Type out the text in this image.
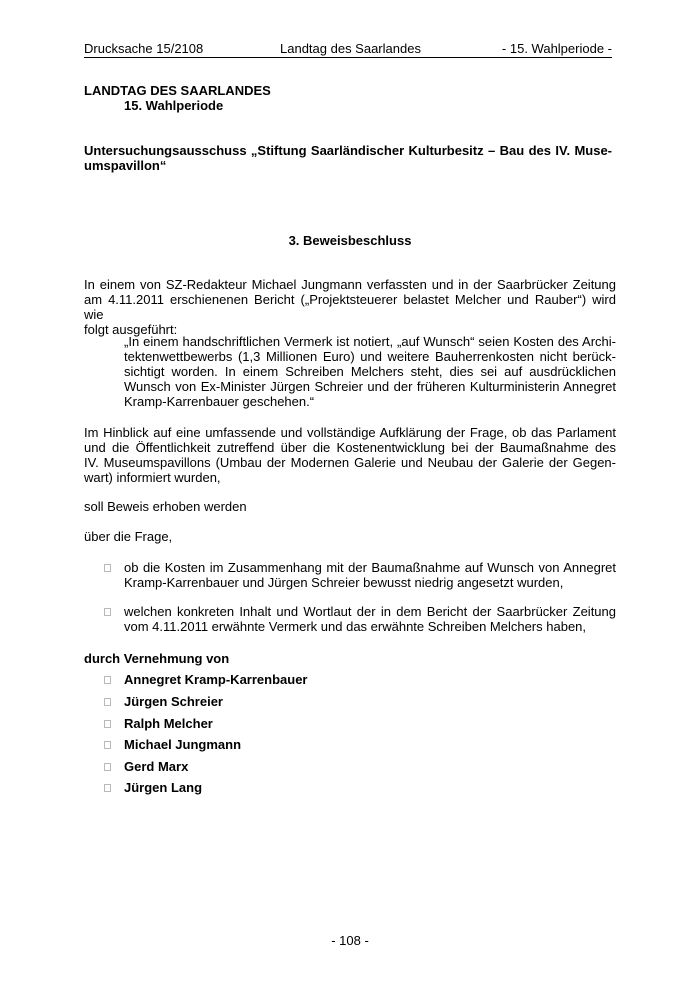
Drucksache 15/2108	Landtag des Saarlandes	- 15. Wahlperiode -
LANDTAG DES SAARLANDES
15. Wahlperiode
Untersuchungsausschuss „Stiftung Saarländischer Kulturbesitz – Bau des IV. Muse-
umspavillon“
3. Beweisbeschluss
In einem von SZ-Redakteur Michael Jungmann verfassten und in der Saarbrücker Zeitung
am 4.11.2011 erschienenen Bericht („Projektsteuerer belastet Melcher und Rauber“) wird wie
folgt ausgeführt:
„In einem handschriftlichen Vermerk ist notiert, „auf Wunsch“ seien Kosten des Archi-
tektenwettbewerbs (1,3 Millionen Euro) und weitere Bauherrenkosten nicht berück-
sichtigt worden. In einem Schreiben Melchers steht, dies sei auf ausdrücklichen
Wunsch von Ex-Minister Jürgen Schreier und der früheren Kulturministerin Annegret
Kramp-Karrenbauer geschehen.“
Im Hinblick auf eine umfassende und vollständige Aufklärung der Frage, ob das Parlament
und die Öffentlichkeit zutreffend über die Kostenentwicklung bei der Baumaßnahme des
IV. Museumspavillons (Umbau der Modernen Galerie und Neubau der Galerie der Gegen-
wart) informiert wurden,
soll Beweis erhoben werden
über die Frage,
ob die Kosten im Zusammenhang mit der Baumaßnahme auf Wunsch von Annegret
Kramp-Karrenbauer und Jürgen Schreier bewusst niedrig angesetzt wurden,
welchen konkreten Inhalt und Wortlaut der in dem Bericht der Saarbrücker Zeitung
vom 4.11.2011 erwähnte Vermerk und das erwähnte Schreiben Melchers haben,
durch Vernehmung von
Annegret Kramp-Karrenbauer
Jürgen Schreier
Ralph Melcher
Michael Jungmann
Gerd Marx
Jürgen Lang
- 108 -
